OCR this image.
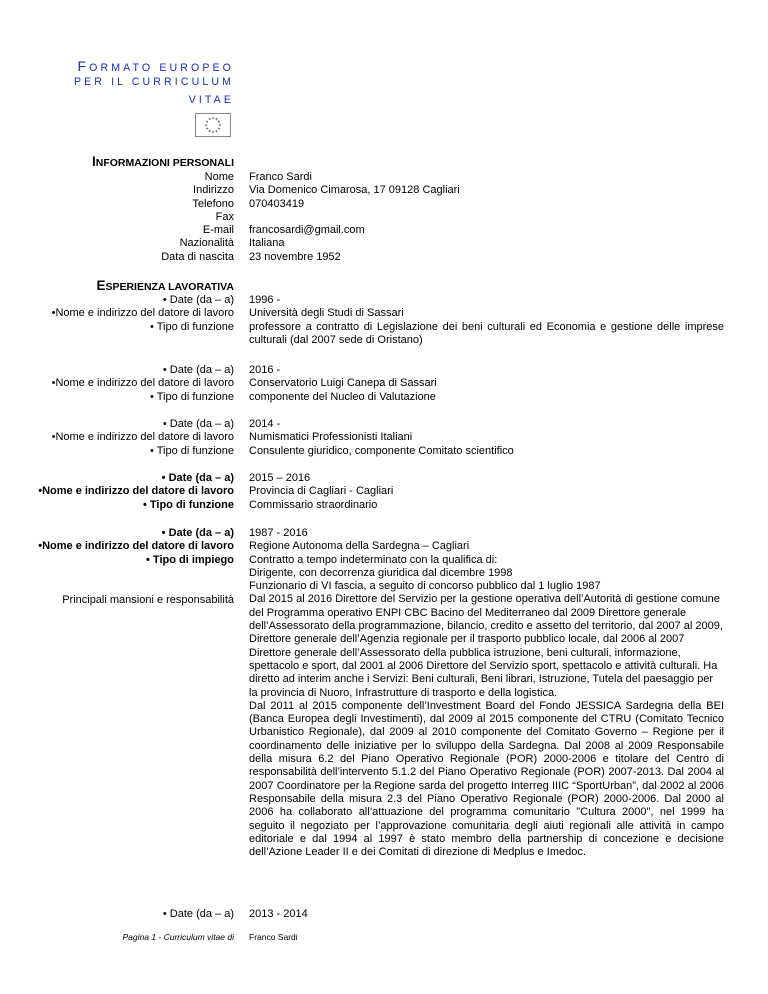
FORMATO EUROPEO
PER IL CURRICULUM
VITAE
INFORMAZIONI PERSONALI
Nome
Indirizzo
Telefono
Fax
E-mail
Nazionalità
Data di nascita
Franco Sardi
Via Domenico Cimarosa, 17 09128 Cagliari
070403419
francosardi@gmail.com
Italiana
23 novembre 1952
ESPERIENZA LAVORATIVA
• Date (da – a)
•Nome e indirizzo del datore di lavoro
• Tipo di funzione
1996 -
Università degli Studi di Sassari
professore a contratto di Legislazione dei beni culturali ed Economia e gestione delle imprese culturali (dal 2007 sede di Oristano)
• Date (da – a)
•Nome e indirizzo del datore di lavoro
• Tipo di funzione
2016 -
Conservatorio Luigi Canepa di Sassari
componente del Nucleo di Valutazione
• Date (da – a)
•Nome e indirizzo del datore di lavoro
• Tipo di funzione
2014 -
Numismatici Professionisti Italiani
Consulente giuridico, componente Comitato scientifico
• Date (da – a)
•Nome e indirizzo del datore di lavoro
• Tipo di funzione
2015 – 2016
Provincia di Cagliari - Cagliari
Commissario straordinario
• Date (da – a)
•Nome e indirizzo del datore di lavoro
• Tipo di impiego
Principali mansioni e responsabilità
1987 - 2016
Regione Autonoma della Sardegna – Cagliari
Contratto a tempo indeterminato con la qualifica di:
Dirigente, con decorrenza giuridica dal dicembre 1998
Funzionario di VI fascia, a seguito di concorso pubblico dal 1 luglio 1987
Dal 2015 al 2016 Direttore del Servizio per la gestione operativa dell’Autorità di gestione comune del Programma operativo ENPI CBC Bacino del Mediterraneo dal 2009 Direttore generale dell’Assessorato della programmazione, bilancio, credito e assetto del territorio, dal 2007 al 2009, Direttore generale dell’Agenzia regionale per il trasporto pubblico locale, dal 2006 al 2007 Direttore generale dell’Assessorato della pubblica istruzione, beni culturali, informazione, spettacolo e sport, dal 2001 al 2006 Direttore del Servizio sport, spettacolo e attività culturali. Ha diretto ad interim anche i Servizi: Beni culturali, Beni librari, Istruzione, Tutela del paesaggio per la provincia di Nuoro, Infrastrutture di trasporto e della logistica.
Dal 2011 al 2015 componente dell’Investment Board del Fondo JESSICA Sardegna della BEI (Banca Europea degli Investimenti), dal 2009 al 2015 componente del CTRU (Comitato Tecnico Urbanistico Regionale), dal 2009 al 2010 componente del Comitato Governo – Regione per il coordinamento delle iniziative per lo sviluppo della Sardegna. Dal 2008 al 2009 Responsabile della misura 6.2 del Piano Operativo Regionale (POR) 2000-2006 e titolare del Centro di responsabilità dell’intervento 5.1.2 del Piano Operativo Regionale (POR) 2007-2013. Dal 2004 al 2007 Coordinatore per la Regione sarda del progetto Interreg IIIC “SportUrban”, dal 2002 al 2006 Responsabile della misura 2.3 del Piano Operativo Regionale (POR) 2000-2006. Dal 2000 al 2006 ha collaborato all’attuazione del programma comunitario "Cultura 2000", nel 1999 ha seguito il negoziato per l’approvazione comunitaria degli aiuti regionali alle attività in campo editoriale e dal 1994 al 1997 è stato membro della partnership di concezione e decisione dell’Azione Leader II e dei Comitati di direzione di Medplus e Imedoc.
• Date (da – a) 2013 - 2014
Pagina 1 - Curriculum vitae di Franco Sardi
